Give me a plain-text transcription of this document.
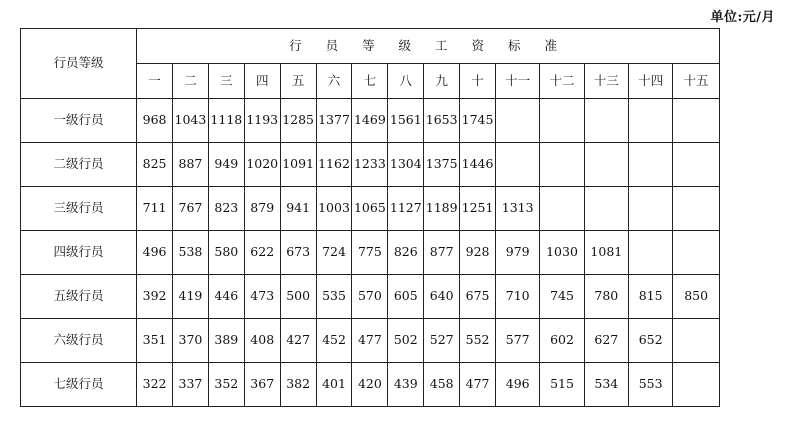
单位:元/月
行员等级	行 员 等 级 工 资 标 准														
	一	二	三	四	五	六	七	八	九	十	十一	十二	十三	十四	十五
一级行员	968	1043	1118	1193	1285	1377	1469	1561	1653	1745					
二级行员	825	887	949	1020	1091	1162	1233	1304	1375	1446					
三级行员	711	767	823	879	941	1003	1065	1127	1189	1251	1313				
四级行员	496	538	580	622	673	724	775	826	877	928	979	1030	1081		
五级行员	392	419	446	473	500	535	570	605	640	675	710	745	780	815	850
六级行员	351	370	389	408	427	452	477	502	527	552	577	602	627	652	
七级行员	322	337	352	367	382	401	420	439	458	477	496	515	534	553	
